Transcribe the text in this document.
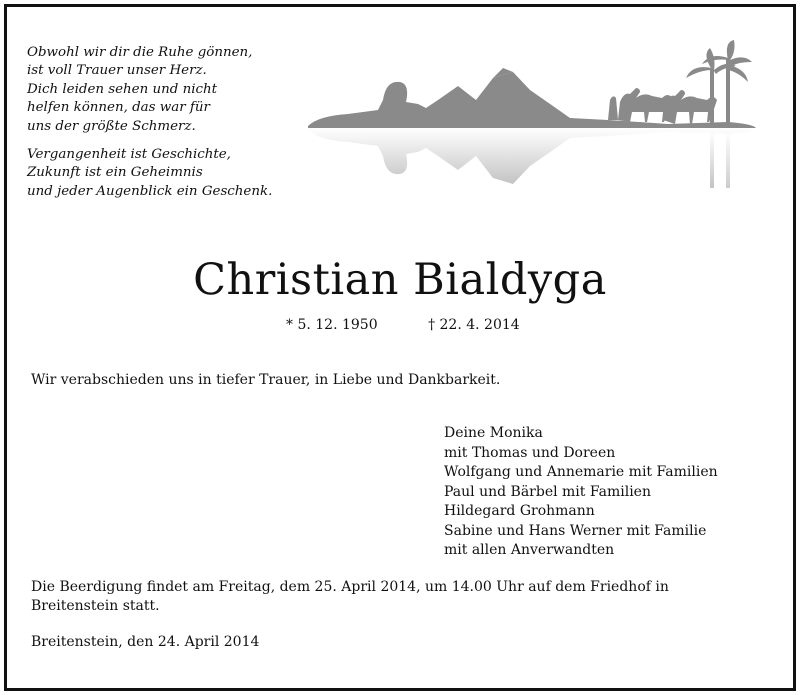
Obwohl wir dir die Ruhe gönnen,
ist voll Trauer unser Herz.
Dich leiden sehen und nicht
helfen können, das war für
uns der größte Schmerz.

Vergangenheit ist Geschichte,
Zukunft ist ein Geheimnis
und jeder Augenblick ein Geschenk.

Christian Bialdyga
* 5. 12. 1950	† 22. 4. 2014
Wir verabschieden uns in tiefer Trauer, in Liebe und Dankbarkeit.
Deine Monika
mit Thomas und Doreen
Wolfgang und Annemarie mit Familien
Paul und Bärbel mit Familien
Hildegard Grohmann
Sabine und Hans Werner mit Familie
mit allen Anverwandten
Die Beerdigung findet am Freitag, dem 25. April 2014, um 14.00 Uhr auf dem Friedhof in
Breitenstein statt.
Breitenstein, den 24. April 2014
